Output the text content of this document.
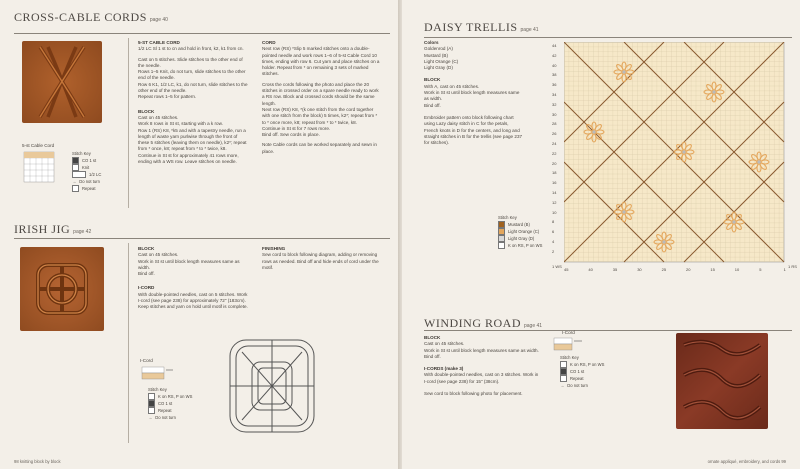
CROSS-CABLE CORDS page 40
5-st Cable Cord
Stitch Key
CO 1 st
Knit
1/2 LC
→ Do not turn
Repeat
5-ST CABLE CORD
1/2 LC Sl 1 st to cn and hold in front, k2, k1 from cn.
Cast on 5 stitches. Slide stitches to the other end of the needle.
Rows 1–5 Knit, do not turn, slide stitches to the other end of the needle.
Row 6 K1, 1/2 LC, k1, do not turn, slide stitches to the other end of the needle.
Repeat rows 1–5 for pattern.
BLOCK
Cast on 45 stitches.
Work 8 rows in St st, starting with a k row.
Row 1 (RS) K8, *k5 and with a tapestry needle, run a length of waste yarn purlwise through the front of these 5 stitches (leaving them on needle), k2*; repeat from * once, k8; repeat from * to * twice, k8.
Continue in St st for approximately 41 rows more, ending with a WS row. Leave stitches on needle.
CORD
Next row (RS) *Slip 5 marked stitches onto a double-pointed needle and work rows 1–6 of 5-st Cable Cord 10 times, ending with row 6. Cut yarn and place stitches on a holder. Repeat from * on remaining 3 sets of marked stitches.
Cross the cords following the photo and place the 20 stitches in crossed order on a spare needle ready to work a RS row. Block and crossed cords should be the same length.
Next row (RS) K8, *(k one stitch from the cord together with one stitch from the block) 5 times, k2*; repeat from * to * once more, k8; repeat from * to * twice, k8.
Continue in St st for 7 rows more.
Bind off. Sew cords in place.
Note Cable cords can be worked separately and sewn in place.
IRISH JIG page 42
BLOCK
Cast on 45 stitches.
Work in St st until block length measures same as width.
Bind off.
I-CORD
With double-pointed needles, cast on 5 stitches. Work I-cord (see page 238) for approximately 72" (183cm). Keep stitches and yarn on hold until motif is complete.
FINISHING
Sew cord to block following diagram, adding or removing rows as needed. Bind off and hide ends of cord under the motif.
I-Cord
Stitch Key
K on RS, P on WS
CO 1 st
Repeat
→ Do not turn
98 knitting block by block
DAISY TRELLIS page 41
Colors
Goldenrod (A)
Mustard (B)
Light Orange (C)
Light Gray (D)
BLOCK
With A, cast on 45 stitches.
Work in St st until block length measures same as width.
Bind off.
Embroider pattern onto block following chart using Lazy daisy stitch in C for the petals, French knots in D for the centers, and long and straight stitches in B for the trellis (see page 237 for stitches).
Stitch Key
Mustard (B)
Light Orange (C)
Light Gray (D)
K on RS, P on WS
44
42
40
38
36
34
32
30
28
26
24
22
20
18
16
14
12
10
8
6
4
2
45	40	35	30	25	20	15	10	5	1
1 WS	1 RS
WINDING ROAD page 41
BLOCK
Cast on 45 stitches.
Work in St st until block length measures same as width.
Bind off.
I-CORDS (make 3)
With double-pointed needles, cast on 3 stitches. Work in I-cord (see page 238) for 15" (38cm).
Sew cord to block following photo for placement.
I-Cord
Stitch Key
K on RS, P on WS
CO 1 st
Repeat
→ Do not turn
ornate appliqué, embroidery, and cords 99
